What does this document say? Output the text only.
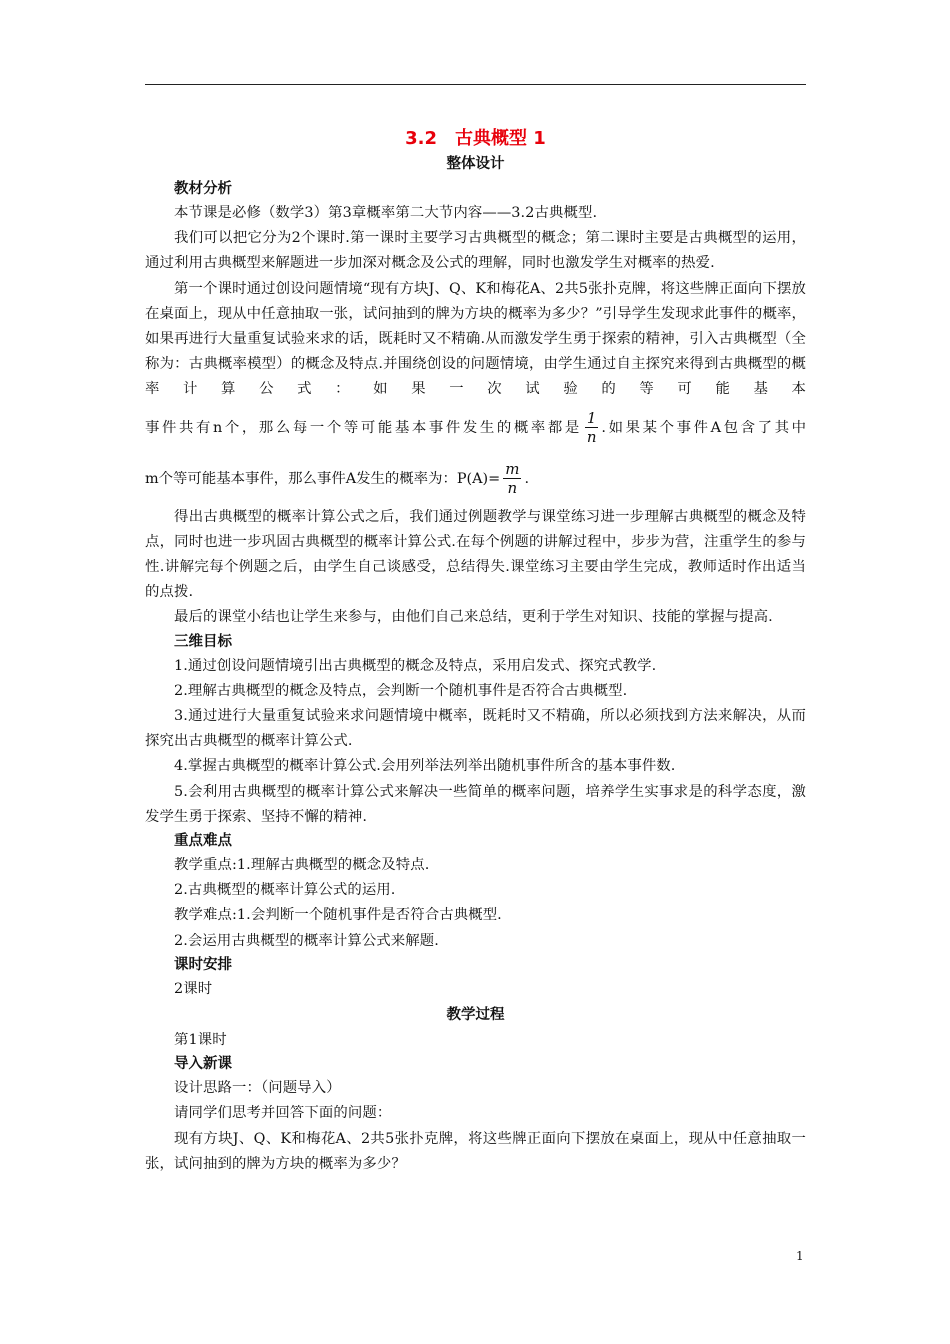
3.2　古典概型 1
整体设计
教材分析
本节课是必修（数学3）第3章概率第二大节内容——3.2古典概型.
我们可以把它分为2个课时.第一课时主要学习古典概型的概念；第二课时主要是古典概型的运用，通过利用古典概型来解题进一步加深对概念及公式的理解，同时也激发学生对概率的热爱.
第一个课时通过创设问题情境“现有方块J、Q、K和梅花A、2共5张扑克牌，将这些牌正面向下摆放在桌面上，现从中任意抽取一张，试问抽到的牌为方块的概率为多少？”引导学生发现求此事件的概率，如果再进行大量重复试验来求的话，既耗时又不精确.从而激发学生勇于探索的精神，引入古典概型（全称为：古典概率模型）的概念及特点.并围绕创设的问题情境，由学生通过自主探究来得到古典概型的概率计算公式：如果一次试验的等可能基本
事件共有n个，那么每一个等可能基本事件发生的概率都是 $\frac{1}{n}$ .如果某个事件A包含了其中
m个等可能基本事件，那么事件A发生的概率为：$P(A)= \frac{m}{n}$ .
得出古典概型的概率计算公式之后，我们通过例题教学与课堂练习进一步理解古典概型的概念及特点，同时也进一步巩固古典概型的概率计算公式.在每个例题的讲解过程中，步步为营，注重学生的参与性.讲解完每个例题之后，由学生自己谈感受，总结得失.课堂练习主要由学生完成，教师适时作出适当的点拨.
最后的课堂小结也让学生来参与，由他们自己来总结，更利于学生对知识、技能的掌握与提高.
三维目标
1.通过创设问题情境引出古典概型的概念及特点，采用启发式、探究式教学.
2.理解古典概型的概念及特点，会判断一个随机事件是否符合古典概型.
3.通过进行大量重复试验来求问题情境中概率，既耗时又不精确，所以必须找到方法来解决，从而探究出古典概型的概率计算公式.
4.掌握古典概型的概率计算公式.会用列举法列举出随机事件所含的基本事件数.
5.会利用古典概型的概率计算公式来解决一些简单的概率问题，培养学生实事求是的科学态度，激发学生勇于探索、坚持不懈的精神.
重点难点
教学重点:1.理解古典概型的概念及特点.
2.古典概型的概率计算公式的运用.
教学难点:1.会判断一个随机事件是否符合古典概型.
2.会运用古典概型的概率计算公式来解题.
课时安排
2课时
教学过程
第1课时
导入新课
设计思路一：（问题导入）
请同学们思考并回答下面的问题：
现有方块J、Q、K和梅花A、2共5张扑克牌，将这些牌正面向下摆放在桌面上，现从中任意抽取一张，试问抽到的牌为方块的概率为多少？
1
